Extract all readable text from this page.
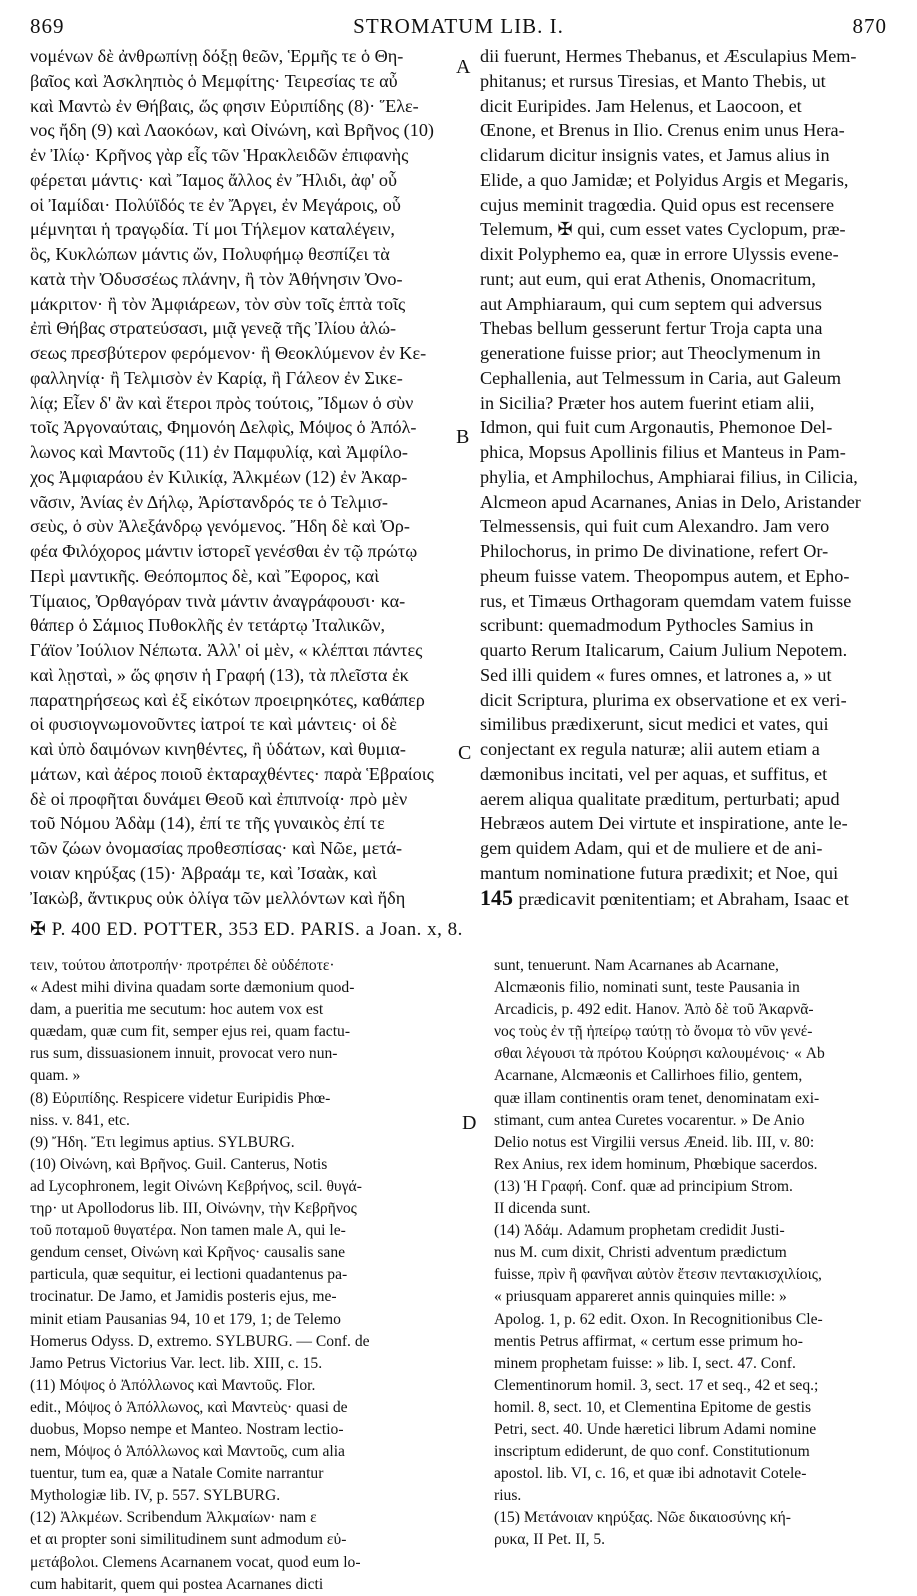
869	STROMATUM LIB. I.	870
νομένων δὲ ἀνθρωπίνῃ δόξῃ θεῶν, Ἑρμῆς τε ὁ Θη-
βαῖος καὶ Ἀσκληπιὸς ὁ Μεμφίτης· Τειρεσίας τε αὖ
καὶ Μαντὼ ἐν Θήβαις, ὥς φησιν Εὐριπίδης (8)· Ἕλε-
νος ἤδη (9) καὶ Λαοκόων, καὶ Οἰνώνη, καὶ Βρῆνος (10)
ἐν Ἰλίῳ· Κρῆνος γὰρ εἷς τῶν Ἡρακλειδῶν ἐπιφανὴς
φέρεται μάντις· καὶ Ἴαμος ἄλλος ἐν Ἤλιδι, ἀφ' οὗ
οἱ Ἰαμίδαι· Πολύϊδός τε ἐν Ἄργει, ἐν Μεγάροις, οὗ
μέμνηται ἡ τραγῳδία. Τί μοι Τήλεμον καταλέγειν,
ὃς, Κυκλώπων μάντις ὤν, Πολυφήμῳ θεσπίζει τὰ
κατὰ τὴν Ὀδυσσέως πλάνην, ἢ τὸν Ἀθήνησιν Ὀνο-
μάκριτον· ἢ τὸν Ἀμφιάρεων, τὸν σὺν τοῖς ἑπτὰ τοῖς
ἐπὶ Θήβας στρατεύσασι, μιᾷ γενεᾷ τῆς Ἰλίου ἁλώ-
σεως πρεσβύτερον φερόμενον· ἢ Θεοκλύμενον ἐν Κε-
φαλληνίᾳ· ἢ Τελμισὸν ἐν Καρίᾳ, ἢ Γάλεον ἐν Σικε-
λίᾳ; Εἶεν δ' ἂν καὶ ἕτεροι πρὸς τούτοις, Ἴδμων ὁ σὺν
τοῖς Ἀργοναύταις, Φημονόη Δελφὶς, Μόψος ὁ Ἀπόλ-
λωνος καὶ Μαντοῦς (11) ἐν Παμφυλίᾳ, καὶ Ἀμφίλο-
χος Ἀμφιαράου ἐν Κιλικίᾳ, Ἀλκμέων (12) ἐν Ἀκαρ-
νᾶσιν, Ἀνίας ἐν Δήλῳ, Ἀρίστανδρός τε ὁ Τελμισ-
σεὺς, ὁ σὺν Ἀλεξάνδρῳ γενόμενος. Ἤδη δὲ καὶ Ὀρ-
φέα Φιλόχορος μάντιν ἱστορεῖ γενέσθαι ἐν τῷ πρώτῳ
Περὶ μαντικῆς. Θεόπομπος δὲ, καὶ Ἔφορος, καὶ
Τίμαιος, Ὀρθαγόραν τινὰ μάντιν ἀναγράφουσι· κα-
θάπερ ὁ Σάμιος Πυθοκλῆς ἐν τετάρτῳ Ἰταλικῶν,
Γάϊον Ἰούλιον Νέπωτα. Ἀλλ' οἱ μὲν, « κλέπται πάντες
καὶ λῃσταὶ, » ὥς φησιν ἡ Γραφή (13), τὰ πλεῖστα ἐκ
παρατηρήσεως καὶ ἐξ εἰκότων προειρηκότες, καθάπερ
οἱ φυσιογνωμονοῦντες ἰατροί τε καὶ μάντεις· οἱ δὲ
καὶ ὑπὸ δαιμόνων κινηθέντες, ἢ ὑδάτων, καὶ θυμια-
μάτων, καὶ ἀέρος ποιοῦ ἐκταραχθέντες· παρὰ Ἑβραίοις
δὲ οἱ προφῆται δυνάμει Θεοῦ καὶ ἐπιπνοίᾳ· πρὸ μὲν
τοῦ Νόμου Ἀδὰμ (14), ἐπί τε τῆς γυναικὸς ἐπί τε
τῶν ζώων ὀνομασίας προθεσπίσας· καὶ Νῶε, μετά-
νοιαν κηρύξας (15)· Ἀβραάμ τε, καὶ Ἰσαὰκ, καὶ
Ἰακὼβ, ἄντικρυς οὐκ ὀλίγα τῶν μελλόντων καὶ ἤδη
dii fuerunt, Hermes Thebanus, et Æsculapius Mem-
phitanus; et rursus Tiresias, et Manto Thebis, ut
dicit Euripides. Jam Helenus, et Laocoon, et
Œnone, et Brenus in Ilio. Crenus enim unus Hera-
clidarum dicitur insignis vates, et Jamus alius in
Elide, a quo Jamidæ; et Polyidus Argis et Megaris,
cujus meminit tragœdia. Quid opus est recensere
Telemum, ✠ qui, cum esset vates Cyclopum, præ-
dixit Polyphemo ea, quæ in errore Ulyssis evene-
runt; aut eum, qui erat Athenis, Onomacritum,
aut Amphiaraum, qui cum septem qui adversus
Thebas bellum gesserunt fertur Troja capta una
generatione fuisse prior; aut Theoclymenum in
Cephallenia, aut Telmessum in Caria, aut Galeum
in Sicilia? Præter hos autem fuerint etiam alii,
Idmon, qui fuit cum Argonautis, Phemonoe Del-
phica, Mopsus Apollinis filius et Manteus in Pam-
phylia, et Amphilochus, Amphiarai filius, in Cilicia,
Alcmeon apud Acarnanes, Anias in Delo, Aristander
Telmessensis, qui fuit cum Alexandro. Jam vero
Philochorus, in primo De divinatione, refert Or-
pheum fuisse vatem. Theopompus autem, et Epho-
rus, et Timæus Orthagoram quemdam vatem fuisse
scribunt: quemadmodum Pythocles Samius in
quarto Rerum Italicarum, Caium Julium Nepotem.
Sed illi quidem « fures omnes, et latrones a, » ut
dicit Scriptura, plurima ex observatione et ex veri-
similibus prædixerunt, sicut medici et vates, qui
conjectant ex regula naturæ; alii autem etiam a
dæmonibus incitati, vel per aquas, et suffitus, et
aerem aliqua qualitate præditum, perturbati; apud
Hebræos autem Dei virtute et inspiratione, ante le-
gem quidem Adam, qui et de muliere et de ani-
mantum nominatione futura prædixit; et Noe, qui
145 prædicavit pœnitentiam; et Abraham, Isaac et
A
B
C
D
✠ P. 400 ED. POTTER, 353 ED. PARIS. a Joan. x, 8.
τειν, τούτου ἀποτροπήν· προτρέπει δὲ οὐδέποτε·
« Adest mihi divina quadam sorte dæmonium quod-
dam, a pueritia me secutum: hoc autem vox est
quædam, quæ cum fit, semper ejus rei, quam factu-
rus sum, dissuasionem innuit, provocat vero nun-
quam. »
(8) Εὐριπίδης. Respicere videtur Euripidis Phœ-
niss. v. 841, etc.
(9) Ἤδη. Ἔτι legimus aptius. SYLBURG.
(10) Οἰνώνη, καὶ Βρῆνος. Guil. Canterus, Notis
ad Lycophronem, legit Οἰνώνη Κεβρήνος, scil. θυγά-
τηρ· ut Apollodorus lib. III, Οἰνώνην, τὴν Κεβρῆνος
τοῦ ποταμοῦ θυγατέρα. Non tamen male A, qui le-
gendum censet, Οἰνώνη καὶ Κρῆνος· causalis sane
particula, quæ sequitur, ei lectioni quadantenus pa-
trocinatur. De Jamo, et Jamidis posteris ejus, me-
minit etiam Pausanias 94, 10 et 179, 1; de Telemo
Homerus Odyss. D, extremo. SYLBURG. — Conf. de
Jamo Petrus Victorius Var. lect. lib. XIII, c. 15.
(11) Μόψος ὁ Ἀπόλλωνος καὶ Μαντοῦς. Flor.
edit., Μόψος ὁ Ἀπόλλωνος, καὶ Μαντεὺς· quasi de
duobus, Mopso nempe et Manteo. Nostram lectio-
nem, Μόψος ὁ Ἀπόλλωνος καὶ Μαντοῦς, cum alia
tuentur, tum ea, quæ a Natale Comite narrantur
Mythologiæ lib. IV, p. 557. SYLBURG.
(12) Ἀλκμέων. Scribendum Ἀλκμαίων· nam ε
et αι propter soni similitudinem sunt admodum εὐ-
μετάβολοι. Clemens Acarnanem vocat, quod eum lo-
cum habitarit, quem qui postea Acarnanes dicti
sunt, tenuerunt. Nam Acarnanes ab Acarnane,
Alcmæonis filio, nominati sunt, teste Pausania in
Arcadicis, p. 492 edit. Hanov. Ἀπὸ δὲ τοῦ Ἀκαρνᾶ-
νος τοὺς ἐν τῇ ἠπείρῳ ταύτῃ τὸ ὄνομα τὸ νῦν γενέ-
σθαι λέγουσι τὰ πρότου Κούρησι καλουμένοις· « Ab
Acarnane, Alcmæonis et Callirhoes filio, gentem,
quæ illam continentis oram tenet, denominatam exi-
stimant, cum antea Curetes vocarentur. » De Anio
Delio notus est Virgilii versus Æneid. lib. III, v. 80:
Rex Anius, rex idem hominum, Phœbique sacerdos.
(13) Ἡ Γραφή. Conf. quæ ad principium Strom.
II dicenda sunt.
(14) Ἀδάμ. Adamum prophetam credidit Justi-
nus M. cum dixit, Christi adventum prædictum
fuisse, πρὶν ἢ φανῆναι αὐτὸν ἔτεσιν πεντακισχιλίοις,
« priusquam appareret annis quinquies mille: »
Apolog. 1, p. 62 edit. Oxon. In Recognitionibus Cle-
mentis Petrus affirmat, « certum esse primum ho-
minem prophetam fuisse: » lib. I, sect. 47. Conf.
Clementinorum homil. 3, sect. 17 et seq., 42 et seq.;
homil. 8, sect. 10, et Clementina Epitome de gestis
Petri, sect. 40. Unde hæretici librum Adami nomine
inscriptum ediderunt, de quo conf. Constitutionum
apostol. lib. VI, c. 16, et quæ ibi adnotavit Cotele-
rius.
(15) Μετάνοιαν κηρύξας. Νῶε δικαιοσύνης κή-
ρυκα, II Pet. II, 5.
